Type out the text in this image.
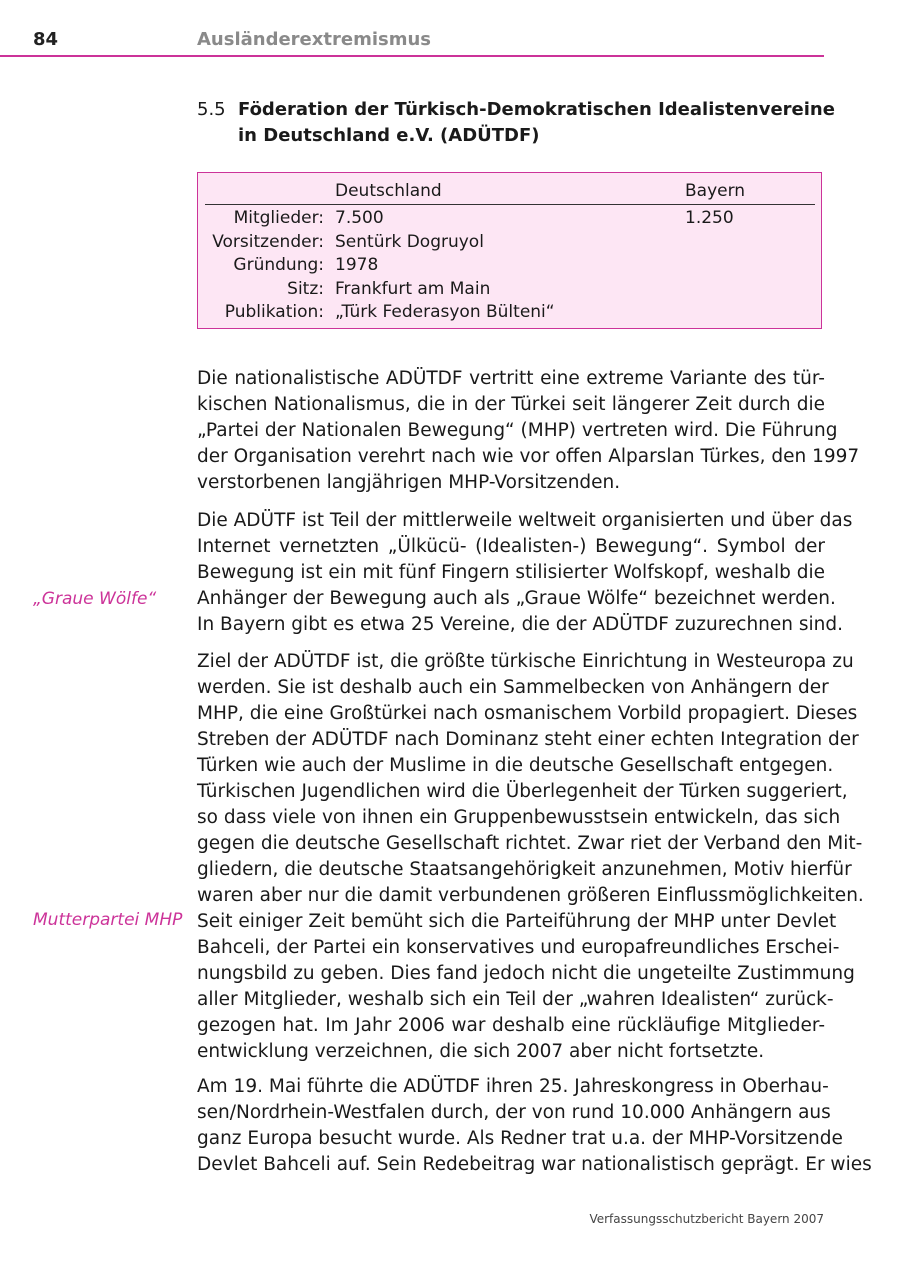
84	Ausländerextremismus
5.5 Föderation der Türkisch-Demokratischen Idealistenvereine
in Deutschland e.V. (ADÜTDF)
Deutschland	Bayern
Mitglieder: 7.500	1.250
Vorsitzender: Sentürk Dogruyol
Gründung: 1978
Sitz: Frankfurt am Main
Publikation: „Türk Federasyon Bülteni“
Die nationalistische ADÜTDF vertritt eine extreme Variante des tür-
kischen Nationalismus, die in der Türkei seit längerer Zeit durch die
„Partei der Nationalen Bewegung“ (MHP) vertreten wird. Die Führung
der Organisation verehrt nach wie vor offen Alparslan Türkes, den 1997
verstorbenen langjährigen MHP-Vorsitzenden.
Die ADÜTF ist Teil der mittlerweile weltweit organisierten und über das
Internet vernetzten „Ülkücü- (Idealisten-) Bewegung“. Symbol der
Bewegung ist ein mit fünf Fingern stilisierter Wolfskopf, weshalb die
Anhänger der Bewegung auch als „Graue Wölfe“ bezeichnet werden.
In Bayern gibt es etwa 25 Vereine, die der ADÜTDF zuzurechnen sind.
Ziel der ADÜTDF ist, die größte türkische Einrichtung in Westeuropa zu
werden. Sie ist deshalb auch ein Sammelbecken von Anhängern der
MHP, die eine Großtürkei nach osmanischem Vorbild propagiert. Dieses
Streben der ADÜTDF nach Dominanz steht einer echten Integration der
Türken wie auch der Muslime in die deutsche Gesellschaft entgegen.
Türkischen Jugendlichen wird die Überlegenheit der Türken suggeriert,
so dass viele von ihnen ein Gruppenbewusstsein entwickeln, das sich
gegen die deutsche Gesellschaft richtet. Zwar riet der Verband den Mit-
gliedern, die deutsche Staatsangehörigkeit anzunehmen, Motiv hierfür
waren aber nur die damit verbundenen größeren Einflussmöglichkeiten.
Seit einiger Zeit bemüht sich die Parteiführung der MHP unter Devlet
Bahceli, der Partei ein konservatives und europafreundliches Erschei-
nungsbild zu geben. Dies fand jedoch nicht die ungeteilte Zustimmung
aller Mitglieder, weshalb sich ein Teil der „wahren Idealisten“ zurück-
gezogen hat. Im Jahr 2006 war deshalb eine rückläufige Mitglieder-
entwicklung verzeichnen, die sich 2007 aber nicht fortsetzte.
Am 19. Mai führte die ADÜTDF ihren 25. Jahreskongress in Oberhau-
sen/Nordrhein-Westfalen durch, der von rund 10.000 Anhängern aus
ganz Europa besucht wurde. Als Redner trat u.a. der MHP-Vorsitzende
Devlet Bahceli auf. Sein Redebeitrag war nationalistisch geprägt. Er wies
„Graue Wölfe“
Mutterpartei MHP
Verfassungsschutzbericht Bayern 2007
